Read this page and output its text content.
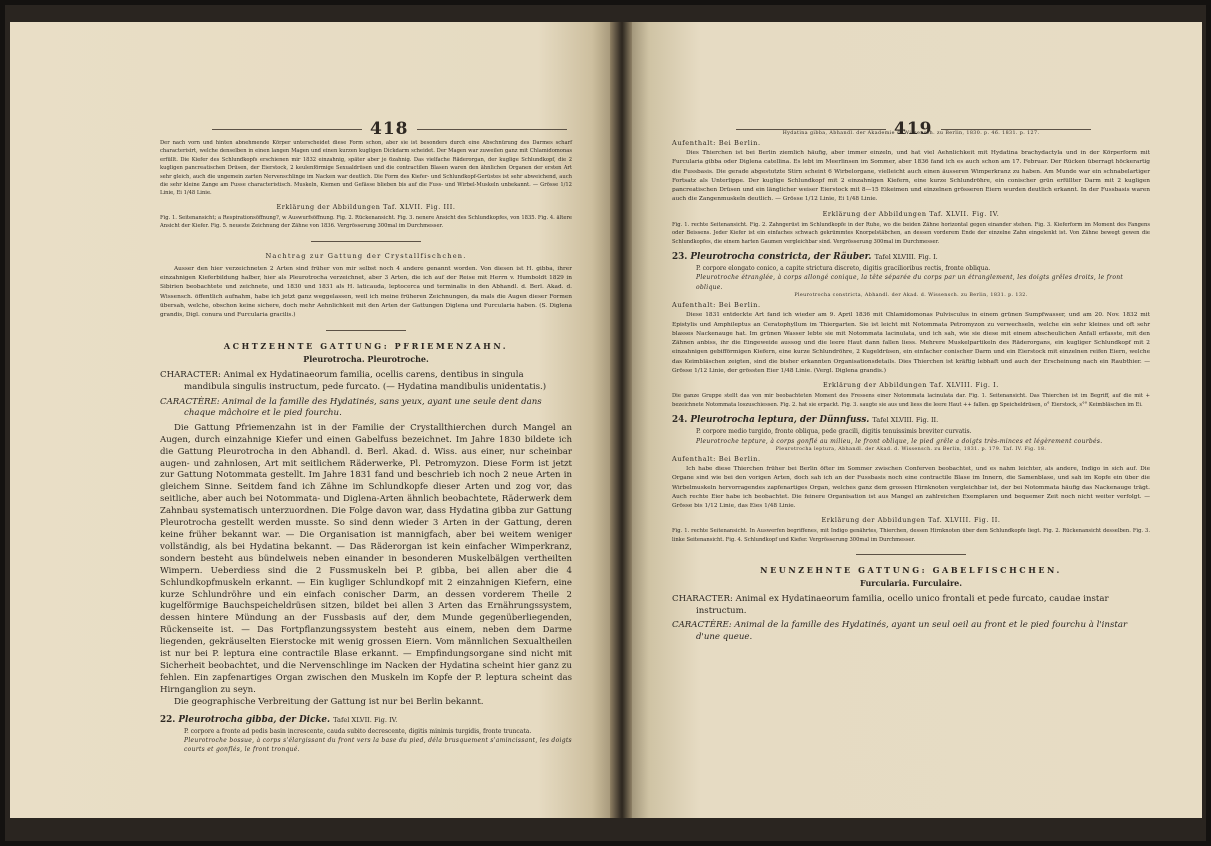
418

Der nach vorn und hinten abnehmende Körper unterscheidet diese Form schon, aber sie ist besonders durch eine Abschnürung des Darmes scharf characterisirt, welche denselben in einen langen Magen und einen kurzen kugligen Dickdarm scheidet. Der Magen war zuweilen ganz mit Chlamidomonas erfüllt. Die Kiefer des Schlundkopfs erschienen mir 1832 einzahnig, später aber je 6zahnig. Das vielfache Räderorgan, der kuglige Schlundkopf, die 2 kugligen pancreatischen Drüsen, der Eierstock, 2 keulenförmige Sexualdrüsen und die contractilen Blasen waren den ähnlichen Organen der ersten Art sehr gleich, auch die ungemein zarten Nervenschlinge im Nacken war deutlich. Die Form des Kiefer- und Schlundkopf-Gerüstes ist sehr abweichend, auch die sehr kleine Zange am Fusse characteristisch. Muskeln, Kiemen und Gefässe blieben bis auf die Fuss- und Wirbel-Muskeln unbekannt. — Grösse 1/12 Linie, Ei 1/48 Linie.

Erklärung der Abbildungen Taf. XLVII. Fig. III.

Fig. 1. Seitenansicht; a Respirationsöffnung?, w Auswurfsöffnung. Fig. 2. Rückenansicht. Fig. 3. nenere Ansicht des Schlundkopfes, von 1835. Fig. 4. ältere Ansicht der Kiefer. Fig. 5. neueste Zeichnung der Zähne von 1836. Vergrösserung 300mal im Durchmesser.

Nachtrag zur Gattung der Crystallfischchen.

Ausser den hier verzeichneten 2 Arten sind früher von mir selbst noch 4 andere genannt worden. Von diesen ist H. gibba, ihrer einzahnigen Kieferbildung halber, hier als Pleurotrocha verzeichnet, aber 3 Arten, die ich auf der Reise mit Herrn v. Humboldt 1829 in Sibirien beobachtete und zeichnete, und 1830 und 1831 als H. laticauda, leptocerca und terminalis in den Abhandl. d. Berl. Akad. d. Wissensch. öffentlich aufnahm, habe ich jetzt ganz weggelassen, weil ich meine früheren Zeichnungen, da mals die Augen dieser Formen übersah, welche, obschon keine sichere, doch mehr Aehnlichkeit mit den Arten der Gattungen Diglena und Furcularia haben. (S. Diglena grandis, Digl. conura und Furcularia gracilis.)

ACHTZEHNTE GATTUNG: PFRIEMENZAHN.
Pleurotrocha. Pleurotroche.

CHARACTER: Animal ex Hydatinaeorum familia, ocellis carens, dentibus in singula mandibula singulis instructum, pede furcato. (— Hydatina mandibulis unidentatis.)

CARACTÈRE: Animal de la famille des Hydatinés, sans yeux, ayant une seule dent dans chaque mâchoire et le pied fourchu.

Die Gattung Pfriemenzahn ist in der Familie der Crystallthierchen durch Mangel an Augen, durch einzahnige Kiefer und einen Gabelfuss bezeichnet. Im Jahre 1830 bildete ich die Gattung Pleurotrocha in den Abhandl. d. Berl. Akad. d. Wiss. aus einer, nur scheinbar augen- und zahnlosen, Art mit seitlichem Räderwerke, Pl. Petromyzon. Diese Form ist jetzt zur Gattung Notommata gestellt. Im Jahre 1831 fand und beschrieb ich noch 2 neue Arten in gleichem Sinne. Seitdem fand ich Zähne im Schlundkopfe dieser Arten und zog vor, das seitliche, aber auch bei Notommata- und Diglena-Arten ähnlich beobachtete, Räderwerk dem Zahnbau systematisch unterzuordnen. Die Folge davon war, dass Hydatina gibba zur Gattung Pleurotrocha gestellt werden musste. So sind denn wieder 3 Arten in der Gattung, deren keine früher bekannt war. — Die Organisation ist mannigfach, aber bei weitem weniger vollständig, als bei Hydatina bekannt. — Das Räderorgan ist kein einfacher Wimperkranz, sondern besteht aus bündelweis neben einander in besonderen Muskelbälgen vertheilten Wimpern. Ueberdiess sind die 2 Fussmuskeln bei P. gibba, bei allen aber die 4 Schlundkopfmuskeln erkannt. — Ein kugliger Schlundkopf mit 2 einzahnigen Kiefern, eine kurze Schlundröhre und ein einfach conischer Darm, an dessen vorderem Theile 2 kugelförmige Bauchspeicheldrüsen sitzen, bildet bei allen 3 Arten das Ernährungssystem, dessen hintere Mündung an der Fussbasis auf der, dem Munde gegenüberliegenden, Rückenseite ist. — Das Fortpflanzungssystem besteht aus einem, neben dem Darme liegenden, gekräuselten Eierstocke mit wenig grossen Eiern. Vom männlichen Sexualtheilen ist nur bei P. leptura eine contractile Blase erkannt. — Empfindungsorgane sind nicht mit Sicherheit beobachtet, und die Nervenschlinge im Nacken der Hydatina scheint hier ganz zu fehlen. Ein zapfenartiges Organ zwischen den Muskeln im Kopfe der P. leptura scheint das Hirnganglion zu seyn.

Die geographische Verbreitung der Gattung ist nur bei Berlin bekannt.

22. Pleurotrocha gibba, der Dicke. Tafel XLVII. Fig. IV.

P. corpore a fronte ad pedis basin increscente, cauda subito decrescente, digitis minimis turgidis, fronte truncata.

Pleurotroche bossue, à corps s'élargissant du front vers la base du pied, déla brusquement s'amincissant, les doigts courts et gonflés, le front tronqué.

419
Hydatina gibba, Abhandl. der Akademie d. Wissensch. zu Berlin, 1830. p. 46. 1831. p. 127.
Aufenthalt: Bei Berlin.

Dies Thierchen ist bei Berlin ziemlich häufig, aber immer einzeln, und hat viel Aehnlichkeit mit Hydatina brachydactyla und in der Körperform mit Furcularia gibba oder Diglena catellina. Es lebt im Meerlinsen im Sommer, aber 1836 fand ich es auch schon am 17. Februar. Der Rücken überragt höckerartig die Fussbasis. Die gerade abgestutzte Stirn scheint 6 Wirbelorgane, vielleicht auch einen äusseren Wimperkranz zu haben. Am Munde war ein schnabelartiger Fortsatz als Unterlippe. Der kuglige Schlundkopf mit 2 einzahnigen Kiefern, eine kurze Schlundröhre, ein conischer grün erfüllter Darm mit 2 kugligen pancreatischen Drüsen und ein länglicher weiser Eierstock mit 8—15 Eikeimen und einzelnen grösseren Eiern wurden deutlich erkannt. In der Fussbasis waren auch die Zangenmuskeln deutlich. — Grösse 1/12 Linie, Ei 1/48 Linie.

Erklärung der Abbildungen Taf. XLVII. Fig. IV.

Fig. 1. rechte Seitenansicht. Fig. 2. Zahngerüst im Schlundkopfe in der Ruhe, wo die beiden Zähne horizontal gegen einander stehen. Fig. 3. Kieferform im Moment des Fangens oder Beissens. Jeder Kiefer ist ein einfaches schwach gekrümmtes Knorpelstäbchen, an dessen vorderem Ende der einzelne Zahn eingelenkt ist. Von Zähne bewegt gewen die Schlundkopfes, die einem harten Gaumen vergleichbar sind. Vergrösserung 300mal im Durchmesser.

23. Pleurotrocha constricta, der Räuber. Tafel XLVIII. Fig. I.

P. corpore elongato conico, a capite stricturа discreto, digitis gracilioribus rectis, fronte obliqua.

Pleurotroche étranglée, à corps allongé conique, la tête séparée du corps par un étranglement, les doigts grêles droits, le front oblique.

Pleurotrocha constricta, Abhandl. der Akad. d. Wissensch. zu Berlin, 1831. p. 132.
Aufenthalt: Bei Berlin.

Diese 1831 entdeckte Art fand ich wieder am 9. April 1836 mit Chlamidomonas Pulvisculus in einem grünen Sumpfwasser, und am 20. Nov. 1832 mit Epistylis und Amphileptus an Ceratophyllum im Thiergarten. Sie ist leicht mit Notommata Petromyzon zu verwechseln, welche ein sehr kleines und oft sehr blasses Nackenauge hat. Im grünen Wasser lebte sie mit Notommata lacinulata, und ich sah, wie sie diese mit einem abscheulichen Anfall erfasste, mit den Zähnen anbiss, ihr die Eingeweide aussog und die leere Haut dann fallen liess. Mehrere Muskelpartikeln des Räderorgans, ein kugliger Schlundkopf mit 2 einzahnigen gebifförmigen Kiefern, eine kurze Schlundröhre, 2 Kugeldrüsen, ein einfacher conischer Darm und ein Eierstock mit einzelnen reifen Eiern, welche das Keimbläschen zeigten, sind die bisher erkannten Organisationsdetails. Dies Thierchen ist kräftig lebhaft und auch der Erscheinung nach ein Raubthier. — Grösse 1/12 Linie, der grössten Eier 1/48 Linie. (Vergl. Diglena grandis.)

Erklärung der Abbildungen Taf. XLVIII. Fig. I.

Die ganze Gruppe stellt das von mir beobachteten Moment des Fressens einer Notommata lacinulata dar. Fig. 1. Seitenansicht. Das Thierchen ist im Begriff, auf die mit + bezeichnete Notommata loszuschiessen. Fig. 2. hat sie erpackt. Fig. 3. saugte sie aus und liess die leere Haut ++ fallen. gp Speicheldrüsen, o° Eierstock, s°° Keimbläschen im Ei.

24. Pleurotrocha leptura, der Dünnfuss. Tafel XLVIII. Fig. II.

P. corpore medio turgido, fronte obliqua, pede gracili, digitis tenuissimis breviter curvatis.

Pleurotroche tepture, à corps gonflé au milieu, le front oblique, le pied grêle a doigts très-minces et légèrement courbés.

Pleurotrocha leptura, Abhandl. der Akad. d. Wissensch. zu Berlin, 1831. p. 179. Taf. IV. Fig. 18.
Aufenthalt: Bei Berlin.

Ich habe diese Thierchen früher bei Berlin öfter im Sommer zwischen Conferven beobachtet, und es nahm leichter, als andere, Indigo in sich auf. Die Organe sind wie bei den vorigen Arten, doch sah ich an der Fussbasis noch eine contractile Blase im Innern, die Samenblase, und sah im Kopfe ein über die Wirbelmuskeln hervorragendes zapfenartiges Organ, welches ganz dem grossen Hirnknoten vergleichbar ist, der bei Notommata häufig das Nackenauge trägt. Auch rechte Eier habe ich beobachtet. Die feinere Organisation ist aus Mangel an zahlreichen Exemplaren und bequemer Zeit noch nicht weiter verfolgt. — Grösse bis 1/12 Linie, das Eies 1/48 Linie.

Erklärung der Abbildungen Taf. XLVIII. Fig. II.

Fig. 1. rechte Seitenansicht. In Auswerfen begriffenes, mit Indigo genährtes, Thierchen, dessen Hirnknoten über dem Schlundkopfe liegt. Fig. 2. Rückenansicht desselben. Fig. 3. linke Seitenansicht. Fig. 4. Schlundkopf und Kiefer. Vergrösserung 300mal im Durchmesser.

NEUNZEHNTE GATTUNG: GABELFISCHCHEN.
Furcularia. Furculaire.

CHARACTER: Animal ex Hydatinaeorum familia, ocello unico frontali et pede furcato, caudae instar instructum.

CARACTÈRE: Animal de la famille des Hydatinés, ayant un seul oeil au front et le pied fourchu à l'instar d'une queue.
